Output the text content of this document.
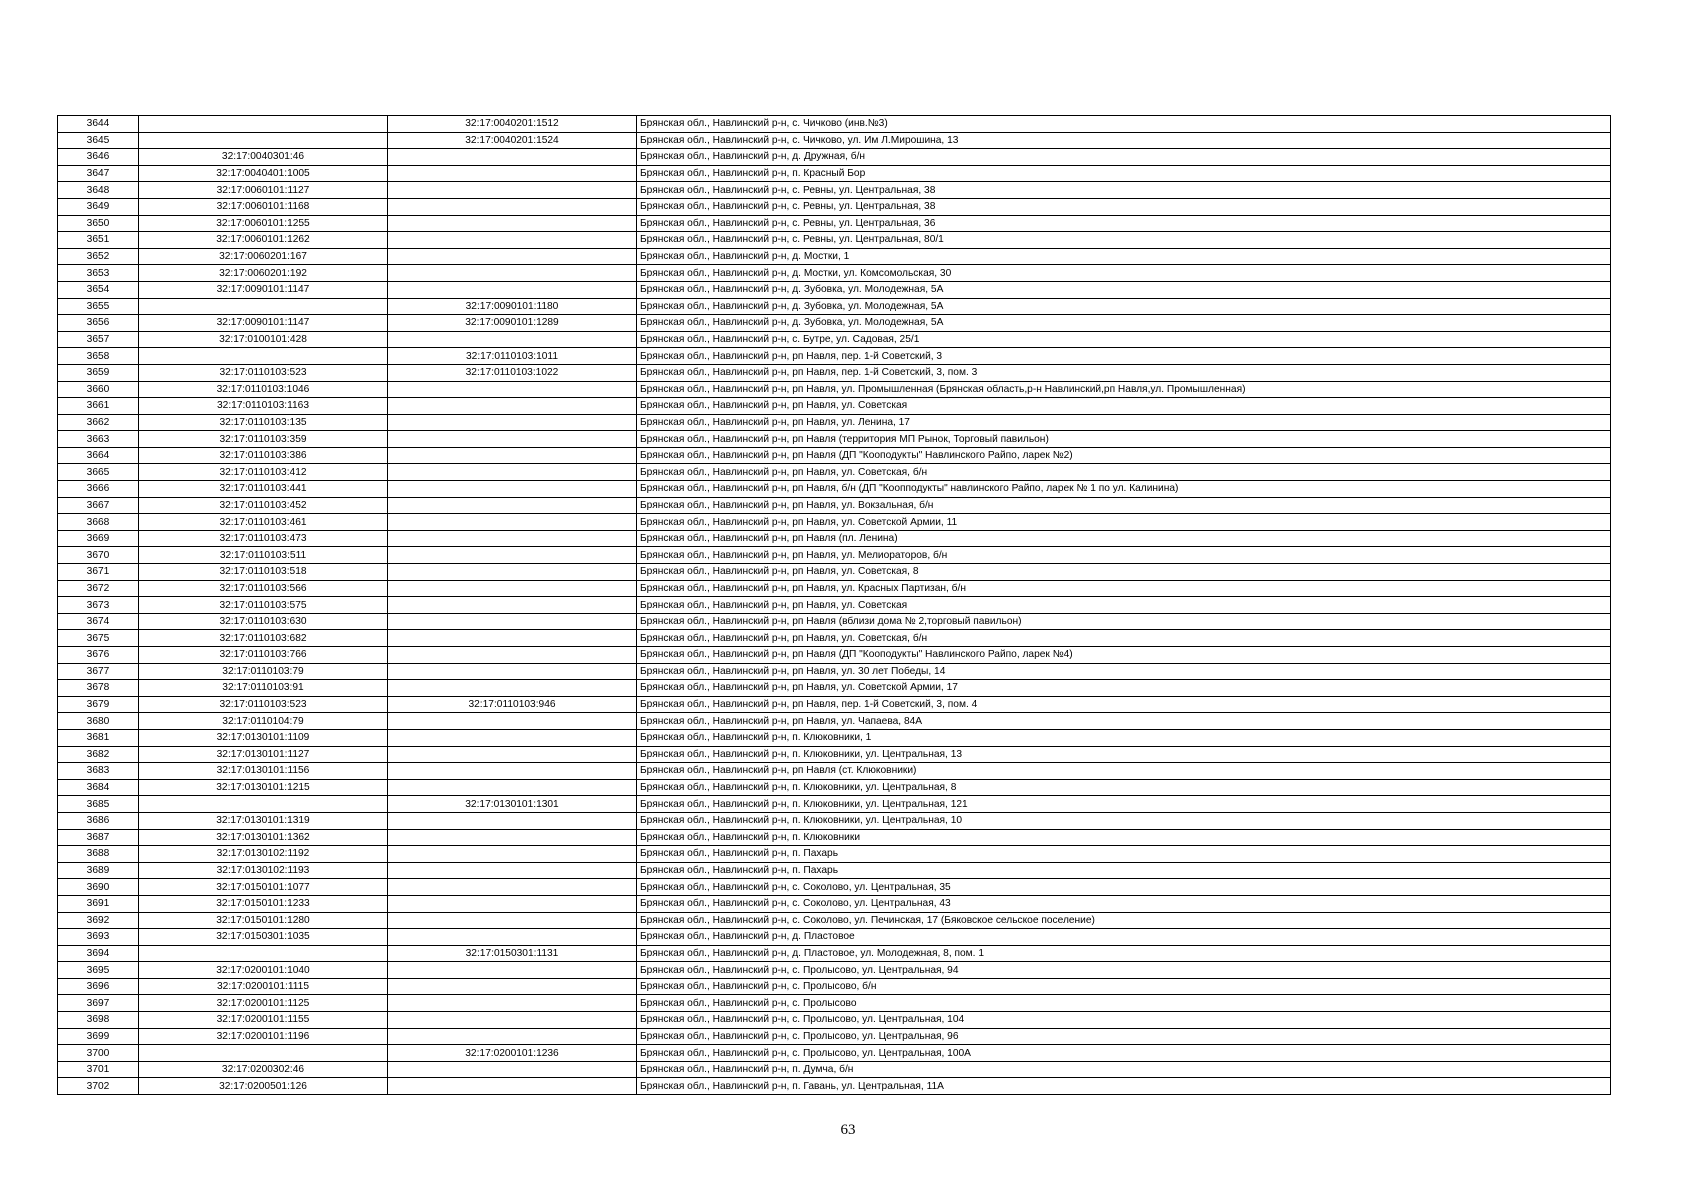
3644		32:17:0040201:1512	Брянская обл., Навлинский р-н, с. Чичково (инв.№3)
3645		32:17:0040201:1524	Брянская обл., Навлинский р-н, с. Чичково, ул. Им Л.Мирошина, 13
3646	32:17:0040301:46		Брянская обл., Навлинский р-н, д. Дружная, б/н
3647	32:17:0040401:1005		Брянская обл., Навлинский р-н, п. Красный Бор
3648	32:17:0060101:1127		Брянская обл., Навлинский р-н, с. Ревны, ул. Центральная, 38
3649	32:17:0060101:1168		Брянская обл., Навлинский р-н, с. Ревны, ул. Центральная, 38
3650	32:17:0060101:1255		Брянская обл., Навлинский р-н, с. Ревны, ул. Центральная, 36
3651	32:17:0060101:1262		Брянская обл., Навлинский р-н, с. Ревны, ул. Центральная, 80/1
3652	32:17:0060201:167		Брянская обл., Навлинский р-н, д. Мостки, 1
3653	32:17:0060201:192		Брянская обл., Навлинский р-н, д. Мостки, ул. Комсомольская, 30
3654	32:17:0090101:1147		Брянская обл., Навлинский р-н, д. Зубовка, ул. Молодежная, 5А
3655		32:17:0090101:1180	Брянская обл., Навлинский р-н, д. Зубовка, ул. Молодежная, 5А
3656	32:17:0090101:1147	32:17:0090101:1289	Брянская обл., Навлинский р-н, д. Зубовка, ул. Молодежная, 5А
3657	32:17:0100101:428		Брянская обл., Навлинский р-н, с. Бутре, ул. Садовая, 25/1
3658		32:17:0110103:1011	Брянская обл., Навлинский р-н, рп Навля, пер. 1-й Советский, 3
3659	32:17:0110103:523	32:17:0110103:1022	Брянская обл., Навлинский р-н, рп Навля, пер. 1-й Советский, 3, пом. 3
3660	32:17:0110103:1046		Брянская обл., Навлинский р-н, рп Навля, ул. Промышленная (Брянская область,р-н Навлинский,рп Навля,ул. Промышленная)
3661	32:17:0110103:1163		Брянская обл., Навлинский р-н, рп Навля, ул. Советская
3662	32:17:0110103:135		Брянская обл., Навлинский р-н, рп Навля, ул. Ленина, 17
3663	32:17:0110103:359		Брянская обл., Навлинский р-н, рп Навля (территория МП Рынок, Торговый павильон)
3664	32:17:0110103:386		Брянская обл., Навлинский р-н, рп Навля (ДП "Кооподукты" Навлинского Райпо, ларек №2)
3665	32:17:0110103:412		Брянская обл., Навлинский р-н, рп Навля, ул. Советская, б/н
3666	32:17:0110103:441		Брянская обл., Навлинский р-н, рп Навля, б/н (ДП "Коопподукты" навлинского Райпо, ларек № 1 по ул. Калинина)
3667	32:17:0110103:452		Брянская обл., Навлинский р-н, рп Навля, ул. Вокзальная, б/н
3668	32:17:0110103:461		Брянская обл., Навлинский р-н, рп Навля, ул. Советской Армии, 11
3669	32:17:0110103:473		Брянская обл., Навлинский р-н, рп Навля (пл. Ленина)
3670	32:17:0110103:511		Брянская обл., Навлинский р-н, рп Навля, ул. Мелиораторов, б/н
3671	32:17:0110103:518		Брянская обл., Навлинский р-н, рп Навля, ул. Советская, 8
3672	32:17:0110103:566		Брянская обл., Навлинский р-н, рп Навля, ул. Красных Партизан, б/н
3673	32:17:0110103:575		Брянская обл., Навлинский р-н, рп Навля, ул. Советская
3674	32:17:0110103:630		Брянская обл., Навлинский р-н, рп Навля (вблизи дома № 2,торговый павильон)
3675	32:17:0110103:682		Брянская обл., Навлинский р-н, рп Навля, ул. Советская, б/н
3676	32:17:0110103:766		Брянская обл., Навлинский р-н, рп Навля (ДП "Кооподукты" Навлинского Райпо, ларек №4)
3677	32:17:0110103:79		Брянская обл., Навлинский р-н, рп Навля, ул. 30 лет Победы, 14
3678	32:17:0110103:91		Брянская обл., Навлинский р-н, рп Навля, ул. Советской Армии, 17
3679	32:17:0110103:523	32:17:0110103:946	Брянская обл., Навлинский р-н, рп Навля, пер. 1-й Советский, 3, пом. 4
3680	32:17:0110104:79		Брянская обл., Навлинский р-н, рп Навля, ул. Чапаева, 84А
3681	32:17:0130101:1109		Брянская обл., Навлинский р-н, п. Клюковники, 1
3682	32:17:0130101:1127		Брянская обл., Навлинский р-н, п. Клюковники, ул. Центральная, 13
3683	32:17:0130101:1156		Брянская обл., Навлинский р-н, рп Навля (ст. Клюковники)
3684	32:17:0130101:1215		Брянская обл., Навлинский р-н, п. Клюковники, ул. Центральная, 8
3685		32:17:0130101:1301	Брянская обл., Навлинский р-н, п. Клюковники, ул. Центральная, 121
3686	32:17:0130101:1319		Брянская обл., Навлинский р-н, п. Клюковники, ул. Центральная, 10
3687	32:17:0130101:1362		Брянская обл., Навлинский р-н, п. Клюковники
3688	32:17:0130102:1192		Брянская обл., Навлинский р-н, п. Пахарь
3689	32:17:0130102:1193		Брянская обл., Навлинский р-н, п. Пахарь
3690	32:17:0150101:1077		Брянская обл., Навлинский р-н, с. Соколово, ул. Центральная, 35
3691	32:17:0150101:1233		Брянская обл., Навлинский р-н, с. Соколово, ул. Центральная, 43
3692	32:17:0150101:1280		Брянская обл., Навлинский р-н, с. Соколово, ул. Печинская, 17 (Бяковское сельское поселение)
3693	32:17:0150301:1035		Брянская обл., Навлинский р-н, д. Пластовое
3694		32:17:0150301:1131	Брянская обл., Навлинский р-н, д. Пластовое, ул. Молодежная, 8, пом. 1
3695	32:17:0200101:1040		Брянская обл., Навлинский р-н, с. Пролысово, ул. Центральная, 94
3696	32:17:0200101:1115		Брянская обл., Навлинский р-н, с. Пролысово, б/н
3697	32:17:0200101:1125		Брянская обл., Навлинский р-н, с. Пролысово
3698	32:17:0200101:1155		Брянская обл., Навлинский р-н, с. Пролысово, ул. Центральная, 104
3699	32:17:0200101:1196		Брянская обл., Навлинский р-н, с. Пролысово, ул. Центральная, 96
3700		32:17:0200101:1236	Брянская обл., Навлинский р-н, с. Пролысово, ул. Центральная, 100А
3701	32:17:0200302:46		Брянская обл., Навлинский р-н, п. Думча, б/н
3702	32:17:0200501:126		Брянская обл., Навлинский р-н, п. Гавань, ул. Центральная, 11А
63
